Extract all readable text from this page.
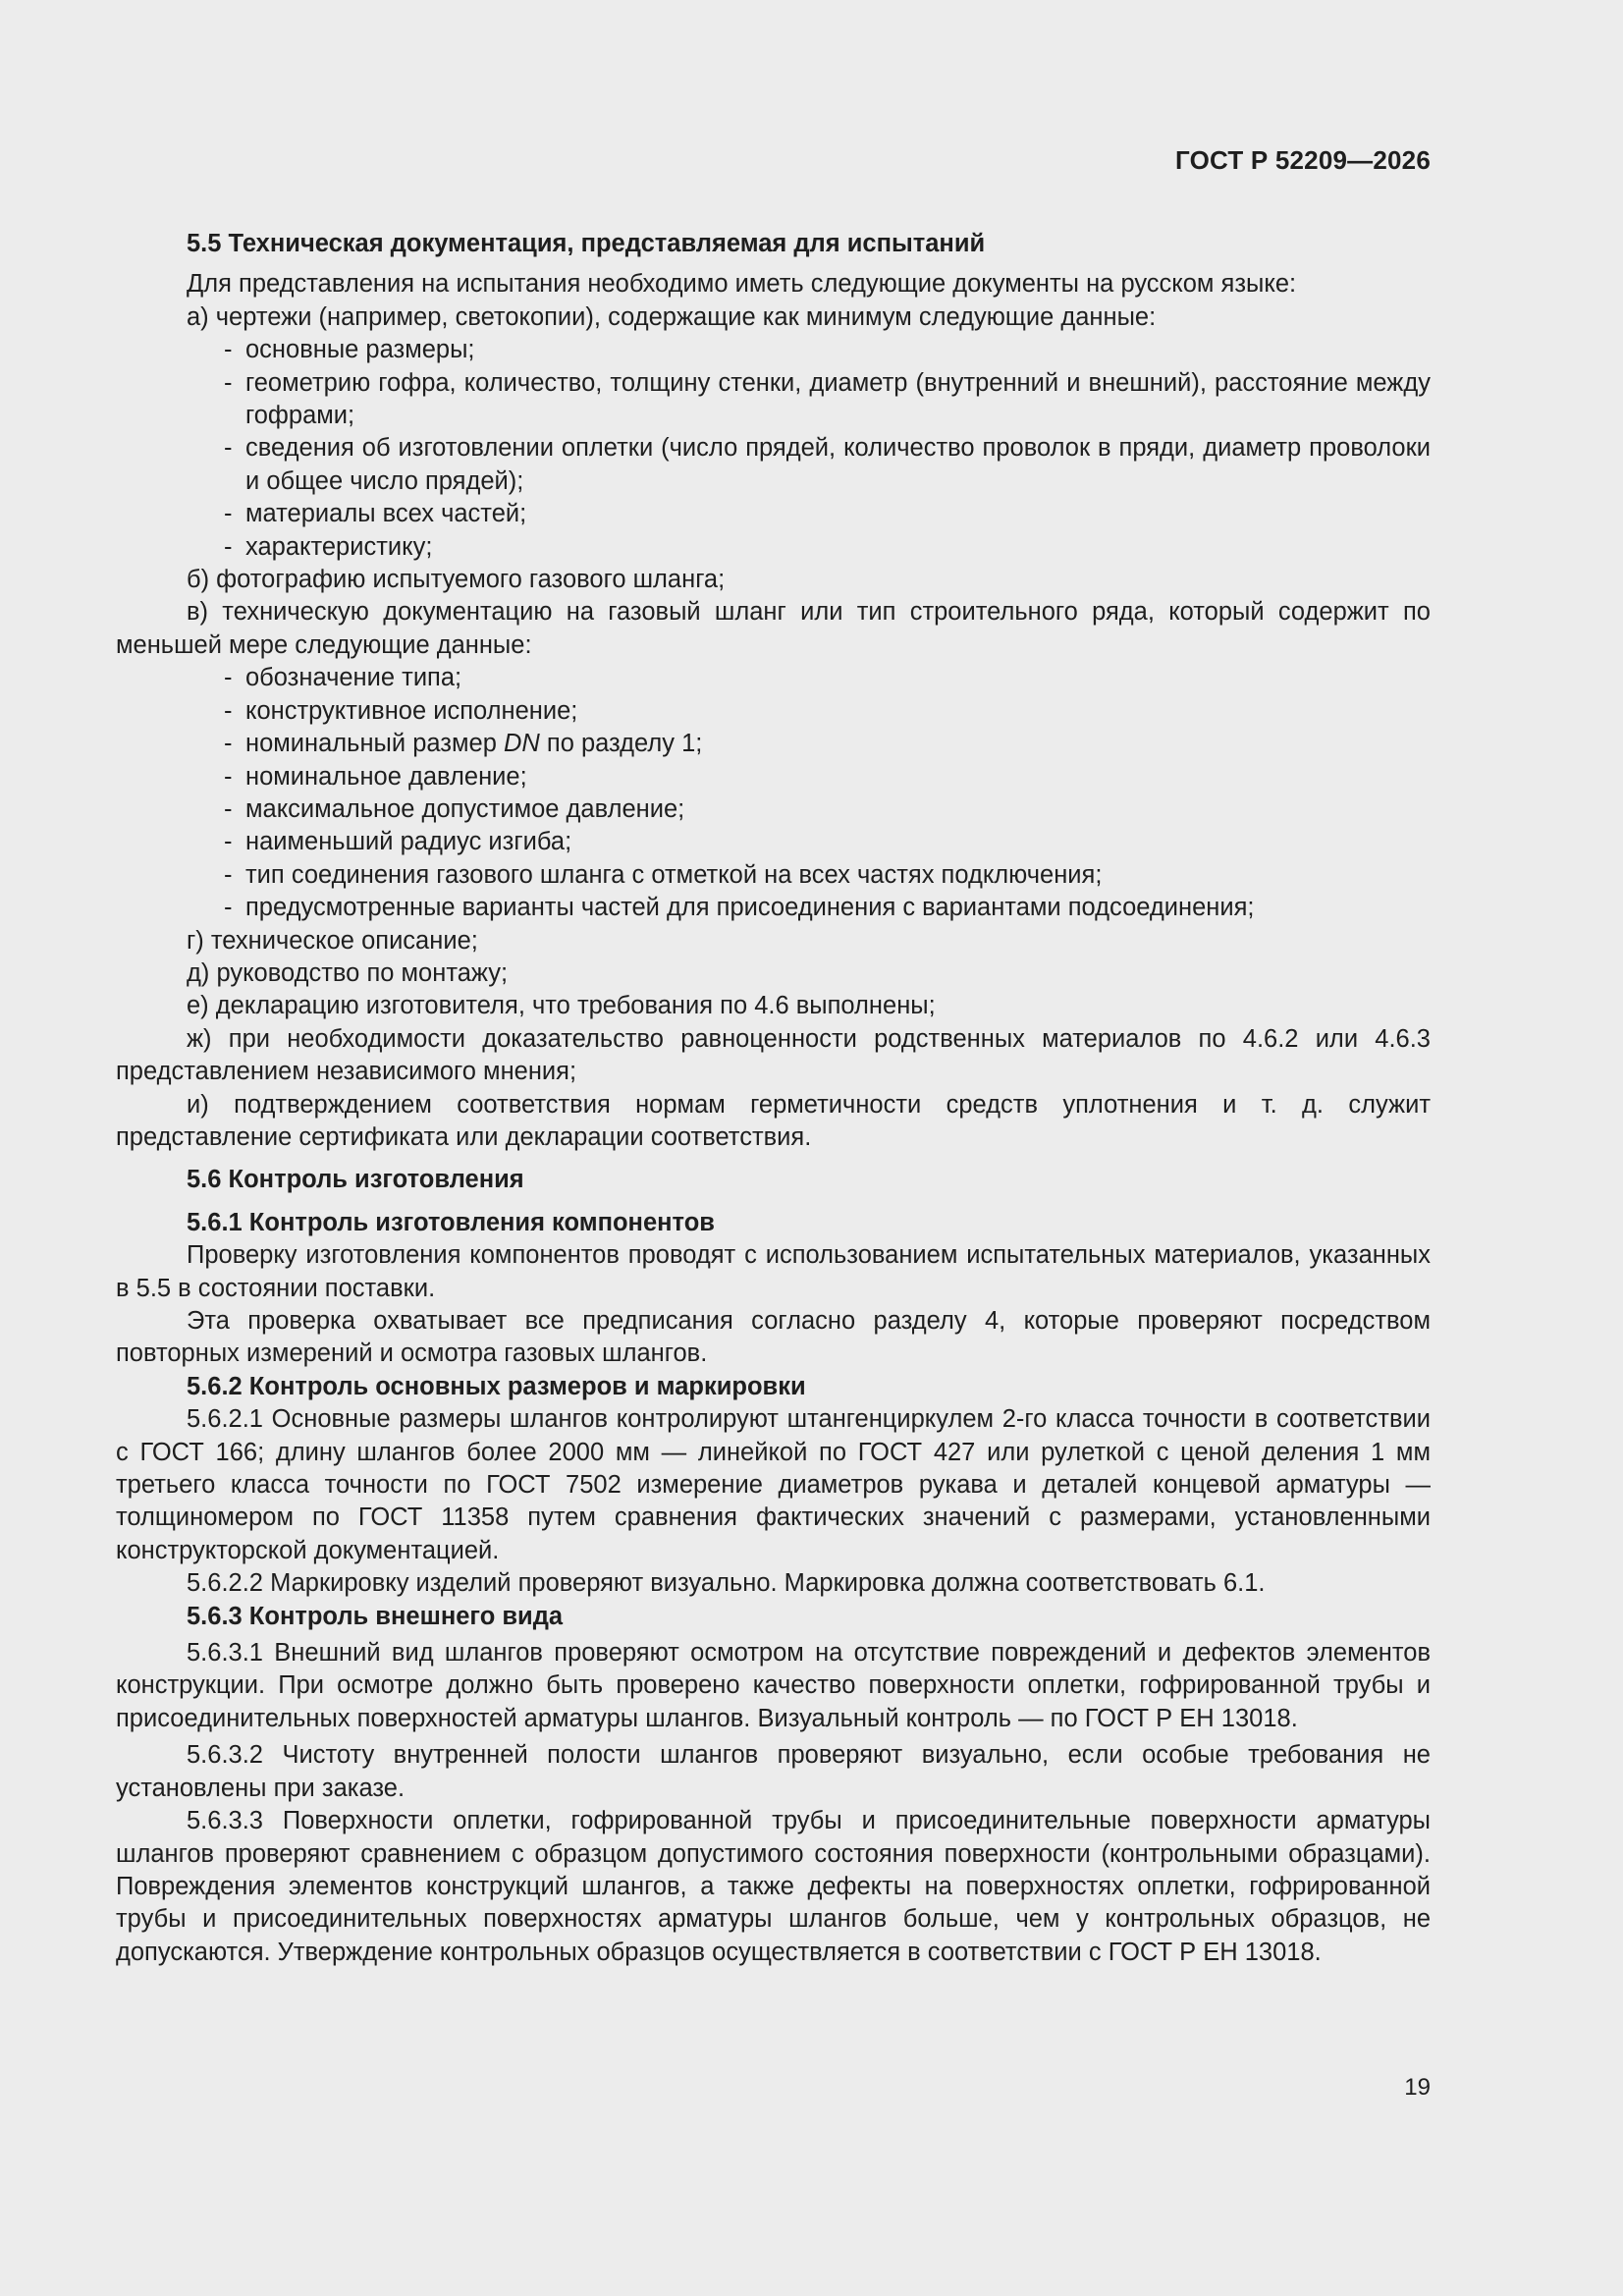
ГОСТ Р 52209—2026

5.5 Техническая документация, представляемая для испытаний

Для представления на испытания необходимо иметь следующие документы на русском языке:

а) чертежи (например, светокопии), содержащие как минимум следующие данные:

- основные размеры;
- геометрию гофра, количество, толщину стенки, диаметр (внутренний и внешний), расстояние между гофрами;
- сведения об изготовлении оплетки (число прядей, количество проволок в пряди, диаметр проволоки и общее число прядей);
- материалы всех частей;
- характеристику;

б) фотографию испытуемого газового шланга;

в) техническую документацию на газовый шланг или тип строительного ряда, который содержит по меньшей мере следующие данные:

- обозначение типа;
- конструктивное исполнение;
- номинальный размер DN по разделу 1;
- номинальное давление;
- максимальное допустимое давление;
- наименьший радиус изгиба;
- тип соединения газового шланга с отметкой на всех частях подключения;
- предусмотренные варианты частей для присоединения с вариантами подсоединения;

г) техническое описание;

д) руководство по монтажу;

е) декларацию изготовителя, что требования по 4.6 выполнены;

ж) при необходимости доказательство равноценности родственных материалов по 4.6.2 или 4.6.3 представлением независимого мнения;

и) подтверждением соответствия нормам герметичности средств уплотнения и т. д. служит представление сертификата или декларации соответствия.

5.6 Контроль изготовления

5.6.1 Контроль изготовления компонентов

Проверку изготовления компонентов проводят с использованием испытательных материалов, указанных в 5.5 в состоянии поставки.

Эта проверка охватывает все предписания согласно разделу 4, которые проверяют посредством повторных измерений и осмотра газовых шлангов.

5.6.2 Контроль основных размеров и маркировки

5.6.2.1 Основные размеры шлангов контролируют штангенциркулем 2-го класса точности в соответствии с ГОСТ 166; длину шлангов более 2000 мм — линейкой по ГОСТ 427 или рулеткой с ценой деления 1 мм третьего класса точности по ГОСТ 7502 измерение диаметров рукава и деталей концевой арматуры — толщиномером по ГОСТ 11358 путем сравнения фактических значений с размерами, установленными конструкторской документацией.

5.6.2.2 Маркировку изделий проверяют визуально. Маркировка должна соответствовать 6.1.

5.6.3 Контроль внешнего вида

5.6.3.1 Внешний вид шлангов проверяют осмотром на отсутствие повреждений и дефектов элементов конструкции. При осмотре должно быть проверено качество поверхности оплетки, гофрированной трубы и присоединительных поверхностей арматуры шлангов. Визуальный контроль — по ГОСТ Р ЕН 13018.

5.6.3.2 Чистоту внутренней полости шлангов проверяют визуально, если особые требования не установлены при заказе.

5.6.3.3 Поверхности оплетки, гофрированной трубы и присоединительные поверхности арматуры шлангов проверяют сравнением с образцом допустимого состояния поверхности (контрольными образцами). Повреждения элементов конструкций шлангов, а также дефекты на поверхностях оплетки, гофрированной трубы и присоединительных поверхностях арматуры шлангов больше, чем у контрольных образцов, не допускаются. Утверждение контрольных образцов осуществляется в соответствии с ГОСТ Р ЕН 13018.

19
